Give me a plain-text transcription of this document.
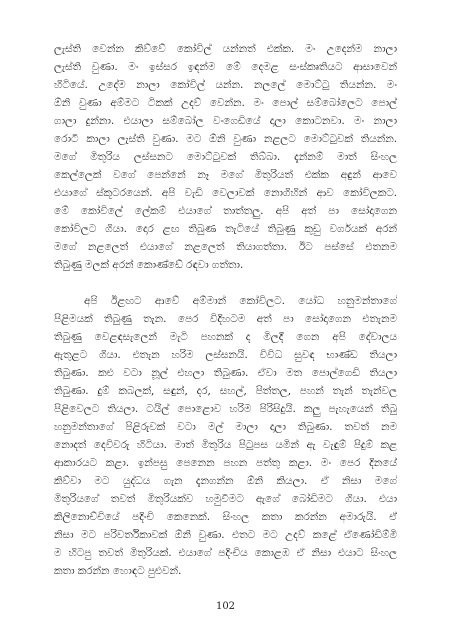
ලැස්ති වෙන්න කිව්වේ කෝවිල් යන්නත් එක්ක. මං උදෙන්ම නාලා
ලැස්ති වුණා. මං ඉස්සර ඉඳන්ම මේ දෙමළ සංස්කෘතියට ආසාවෙන්
හිටියේ. උදේම නාලා කෝවිල් යන්න. නලලේ මොට්ටු තියන්න. මං
ඕනි වුණා අම්මට ටිකක් උදව් වෙන්න. මං පොල් සම්බෝලෙට පොල්
ගාලා දුන්නා. එයාලා සම්බෝල වංගෙඩියේ දාලා කොටනවා. මං නාලා
රොටී කාලා ලැස්ති වුණා. මට ඕනි වුණා නළලට මොට්ටුවක් තියන්න.
මගේ මිතුරිය ලස්සනට මොට්ටුවක් තිබ්බා. දැන්නම් මාත් සිංහල
කෙල්ලෙක් වගේ පෙන්නේ නෑ මගේ මිතුරියත් එක්ක අඳුන් ආවෙ
එයාගේ ස්කූටරයෙන්. අපි වැඩි වෙලාවක් නොගිහින් ආව කෝවිලකට.
මේ කෝවිලේ ලේකම් එයාගේ තාත්තලු. අපි අත් පා සෝදාගෙන
කෝවිලට ගියා. දොර ළඟ තිබුණ තැටියේ තිබුණු කුඩු වර්ගයක් අරන්
මගේ නළලෙත් එයාගේ නළලෙත් තියාගත්තා. ඊට පස්සේ එතනම
තිබුණු මලක් අරන් කොණ්ඩේ රඳවා ගත්තා.
අපි ඊළඟට ආවේ අම්මාන් කෝවිලට. යෝධ හනුමන්තාගේ
පිළිමයක් තිබුණු තැන. පෙර විදිහටම අත් පා සෝදාගෙන එතැනම
තිබුණු වෙළඳසැලෙන් මැටි පහනක් ද මිලදී ගෙන අපි දේවාලය
ඇතුළට ගියා. එතැන හරිම ලස්සනයි. විවිධ සුවඳ භාණ්ඩ තියලා
තිබුණා. කළු වටා නූල් එහලා තිබුණා. ඒවා මත පොල්ගෙඩි තියලා
තිබුණා. දුම් කබලක්, සඳුන්, දර, සහල්, පිත්තල, පහන් තැන් තැන්වල
පිළිවෙලට තියලා. ටයිල් පොළොව හරිම පිරිසිදුයි. කලු පැහැයෙන් තිබු
හනුමන්තාගේ පිළිරුවක් වටා මල් මාලා දාලා තිබුණා. තවත් නම
නොදත් දෙවිවරු හිටියා. මාත් මිතුරිය පිටුපස යමින් ඇ වැඳුම් පිදුම් කළ
ආකාරයට කළා. ඉන්පසු පෙනෙන පහන පත්තු කළා. මං පෙර දිනයේ
කිව්වා මට යුද්ධය ගැන දැනගන්න ඕනි කියලා. ඒ නිසා මගේ
මිතුරියගේ තවත් මිතුරියක්ව හමුවීමට ඇගේ බෝඩිමට ගියා. එයා
කිලිනොච්චියේ පදිංචි කෙනෙක්. සිංහල කතා කරන්න අමාරුයි. ඒ
නිසා මට පරිවර්තිකාවක් ඕනි වුණා. එතට මට උදව් කළේ ඒණෝඩිම්මි
ම හිටපු තවත් මිතුරියක්. එයාගේ පදිංචිය කොළඹ ඒ නිසා එයාට සිංහල
කතා කරන්න හොඳට පුළුවන්.
102
